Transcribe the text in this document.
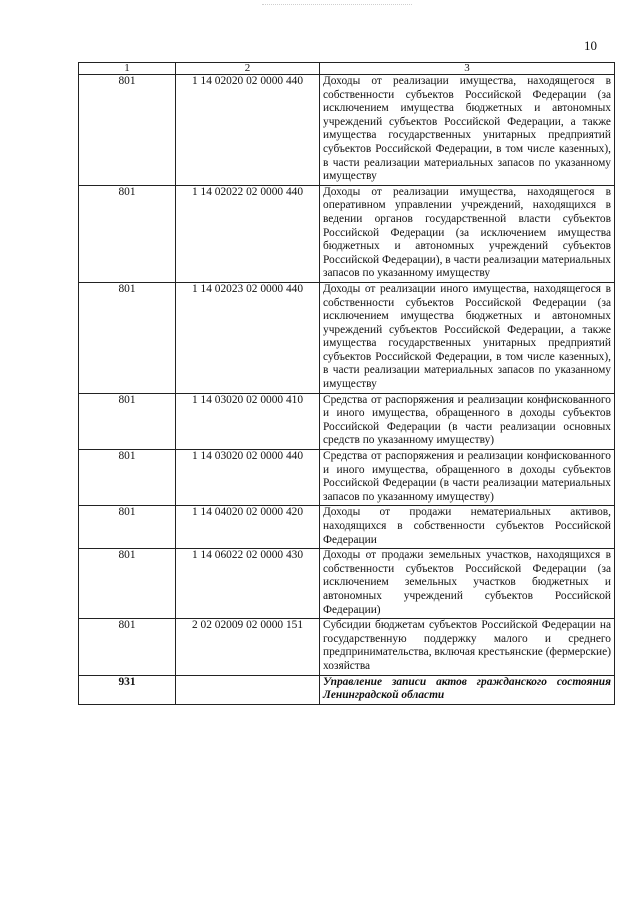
10
1	2	3
801	1 14 02020 02 0000 440	Доходы от реализации имущества, находящегося в собственности субъектов Российской Федерации (за исключением имущества бюджетных и автономных учреждений субъектов Российской Федерации, а также имущества государственных унитарных предприятий субъектов Российской Федерации, в том числе казенных), в части реализации материальных запасов по указанному имуществу
801	1 14 02022 02 0000 440	Доходы от реализации имущества, находящегося в оперативном управлении учреждений, находящихся в ведении органов государственной власти субъектов Российской Федерации (за исключением имущества бюджетных и автономных учреждений субъектов Российской Федерации), в части реализации материальных запасов по указанному имуществу
801	1 14 02023 02 0000 440	Доходы от реализации иного имущества, находящегося в собственности субъектов Российской Федерации (за исключением имущества бюджетных и автономных учреждений субъектов Российской Федерации, а также имущества государственных унитарных предприятий субъектов Российской Федерации, в том числе казенных), в части реализации материальных запасов по указанному имуществу
801	1 14 03020 02 0000 410	Средства от распоряжения и реализации конфискованного и иного имущества, обращенного в доходы субъектов Российской Федерации (в части реализации основных средств по указанному имуществу)
801	1 14 03020 02 0000 440	Средства от распоряжения и реализации конфискованного и иного имущества, обращенного в доходы субъектов Российской Федерации (в части реализации материальных запасов по указанному имуществу)
801	1 14 04020 02 0000 420	Доходы от продажи нематериальных активов, находящихся в собственности субъектов Российской Федерации
801	1 14 06022 02 0000 430	Доходы от продажи земельных участков, находящихся в собственности субъектов Российской Федерации (за исключением земельных участков бюджетных и автономных учреждений субъектов Российской Федерации)
801	2 02 02009 02 0000 151	Субсидии бюджетам субъектов Российской Федерации на государственную поддержку малого и среднего предпринимательства, включая крестьянские (фермерские) хозяйства
931		Управление записи актов гражданского состояния Ленинградской области
